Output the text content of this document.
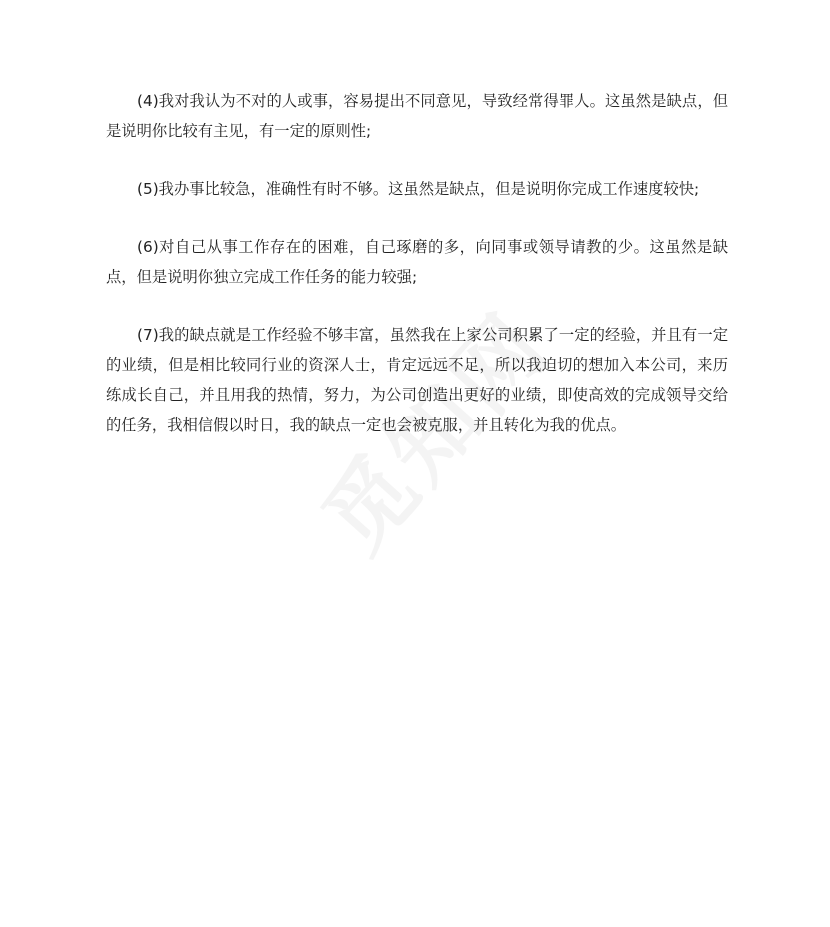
(4)我对我认为不对的人或事，容易提出不同意见，导致经常得罪人。这虽然是缺点，但是说明你比较有主见，有一定的原则性;

(5)我办事比较急，准确性有时不够。这虽然是缺点，但是说明你完成工作速度较快;

(6)对自己从事工作存在的困难，自己琢磨的多，向同事或领导请教的少。这虽然是缺点，但是说明你独立完成工作任务的能力较强;

(7)我的缺点就是工作经验不够丰富，虽然我在上家公司积累了一定的经验，并且有一定的业绩，但是相比较同行业的资深人士，肯定远远不足，所以我迫切的想加入本公司，来历练成长自己，并且用我的热情，努力，为公司创造出更好的业绩，即使高效的完成领导交给的任务，我相信假以时日，我的缺点一定也会被克服，并且转化为我的优点。
